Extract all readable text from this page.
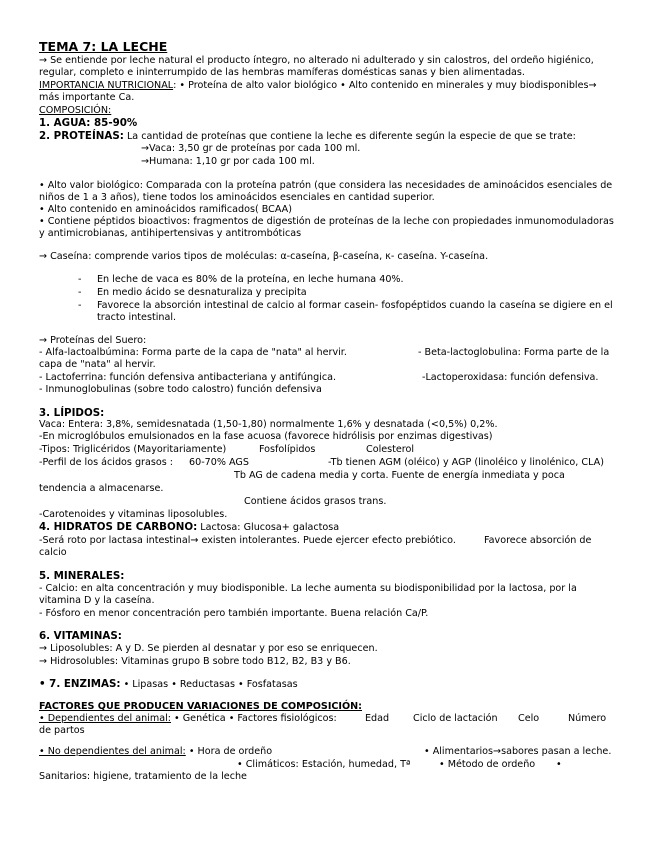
TEMA 7: LA LECHE
→ Se entiende por leche natural el producto íntegro, no alterado ni adulterado y sin calostros, del ordeño higiénico,
regular, completo e ininterrumpido de las hembras mamíferas domésticas sanas y bien alimentadas.
IMPORTANCIA NUTRICIONAL: • Proteína de alto valor biológico • Alto contenido en minerales y muy biodisponibles→
más importante Ca.
COMPOSICIÓN:
1. AGUA: 85-90%
2. PROTEÍNAS: La cantidad de proteínas que contiene la leche es diferente según la especie de que se trate:
→Vaca: 3,50 gr de proteínas por cada 100 ml.
→Humana: 1,10 gr por cada 100 ml.
• Alto valor biológico: Comparada con la proteína patrón (que considera las necesidades de aminoácidos esenciales de
niños de 1 a 3 años), tiene todos los aminoácidos esenciales en cantidad superior.
• Alto contenido en aminoácidos ramificados( BCAA)
• Contiene péptidos bioactivos: fragmentos de digestión de proteínas de la leche con propiedades inmunomoduladoras
y antimicrobianas, antihipertensivas y antitrombóticas
→ Caseína: comprende varios tipos de moléculas: α-caseína, β-caseína, κ- caseína. Y-caseína.
- En leche de vaca es 80% de la proteína, en leche humana 40%.
- En medio ácido se desnaturaliza y precipita
- Favorece la absorción intestinal de calcio al formar casein- fosfopéptidos cuando la caseína se digiere en el
tracto intestinal.
→ Proteínas del Suero:
- Alfa-lactoalbúmina: Forma parte de la capa de "nata" al hervir.	- Beta-lactoglobulina: Forma parte de la
capa de "nata" al hervir.
- Lactoferrina: función defensiva antibacteriana y antifúngica.	-Lactoperoxidasa: función defensiva.
- Inmunoglobulinas (sobre todo calostro) función defensiva
3. LÍPIDOS:
Vaca: Entera: 3,8%, semidesnatada (1,50-1,80) normalmente 1,6% y desnatada (<0,5%) 0,2%.
-En microglóbulos emulsionados en la fase acuosa (favorece hidrólisis por enzimas digestivas)
-Tipos: Triglicéridos (Mayoritariamente)	Fosfolípidos	Colesterol
-Perfil de los ácidos grasos : 60-70% AGS	-Tb tienen AGM (oléico) y AGP (linoléico y linolénico, CLA)
Tb AG de cadena media y corta. Fuente de energía inmediata y poca
tendencia a almacenarse.
Contiene ácidos grasos trans.
-Carotenoides y vitaminas liposolubles.
4. HIDRATOS DE CARBONO: Lactosa: Glucosa+ galactosa
-Será roto por lactasa intestinal→ existen intolerantes. Puede ejercer efecto prebiótico.	Favorece absorción de
calcio
5. MINERALES:
- Calcio: en alta concentración y muy biodisponible. La leche aumenta su biodisponibilidad por la lactosa, por la
vitamina D y la caseína.
- Fósforo en menor concentración pero también importante. Buena relación Ca/P.
6. VITAMINAS:
→ Liposolubles: A y D. Se pierden al desnatar y por eso se enriquecen.
→ Hidrosolubles: Vitaminas grupo B sobre todo B12, B2, B3 y B6.
• 7. ENZIMAS: • Lipasas • Reductasas • Fosfatasas
FACTORES QUE PRODUCEN VARIACIONES DE COMPOSICIÓN:
• Dependientes del animal: • Genética • Factores fisiológicos:	Edad Ciclo de lactación Celo	Número
de partos
• No dependientes del animal: • Hora de ordeño	• Alimentarios→sabores pasan a leche.
• Climáticos: Estación, humedad, Tª	• Método de ordeño •
Sanitarios: higiene, tratamiento de la leche
